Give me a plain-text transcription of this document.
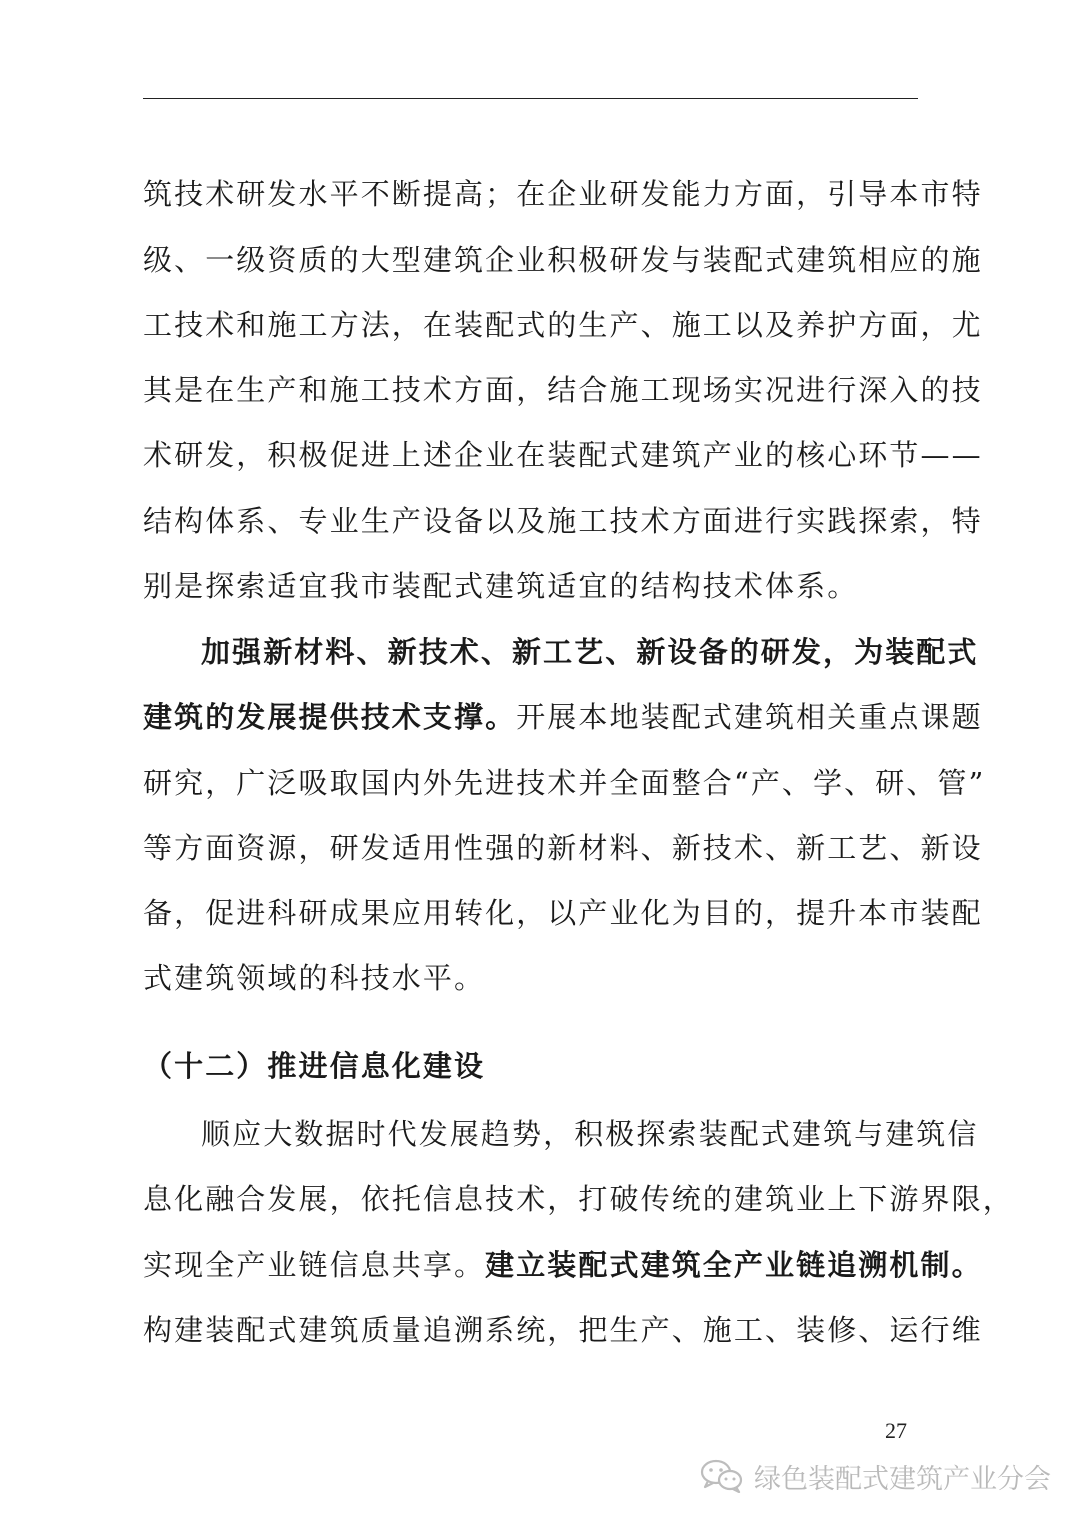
筑技术研发水平不断提高；在企业研发能力方面，引导本市特
级、一级资质的大型建筑企业积极研发与装配式建筑相应的施
工技术和施工方法，在装配式的生产、施工以及养护方面，尤
其是在生产和施工技术方面，结合施工现场实况进行深入的技
术研发，积极促进上述企业在装配式建筑产业的核心环节——
结构体系、专业生产设备以及施工技术方面进行实践探索，特
别是探索适宜我市装配式建筑适宜的结构技术体系。
加强新材料、新技术、新工艺、新设备的研发，为装配式
建筑的发展提供技术支撑。开展本地装配式建筑相关重点课题
研究，广泛吸取国内外先进技术并全面整合“产、学、研、管”
等方面资源，研发适用性强的新材料、新技术、新工艺、新设
备，促进科研成果应用转化，以产业化为目的，提升本市装配
式建筑领域的科技水平。
（十二）推进信息化建设
顺应大数据时代发展趋势，积极探索装配式建筑与建筑信
息化融合发展，依托信息技术，打破传统的建筑业上下游界限，
实现全产业链信息共享。建立装配式建筑全产业链追溯机制。
构建装配式建筑质量追溯系统，把生产、施工、装修、运行维
27
绿色装配式建筑产业分会
